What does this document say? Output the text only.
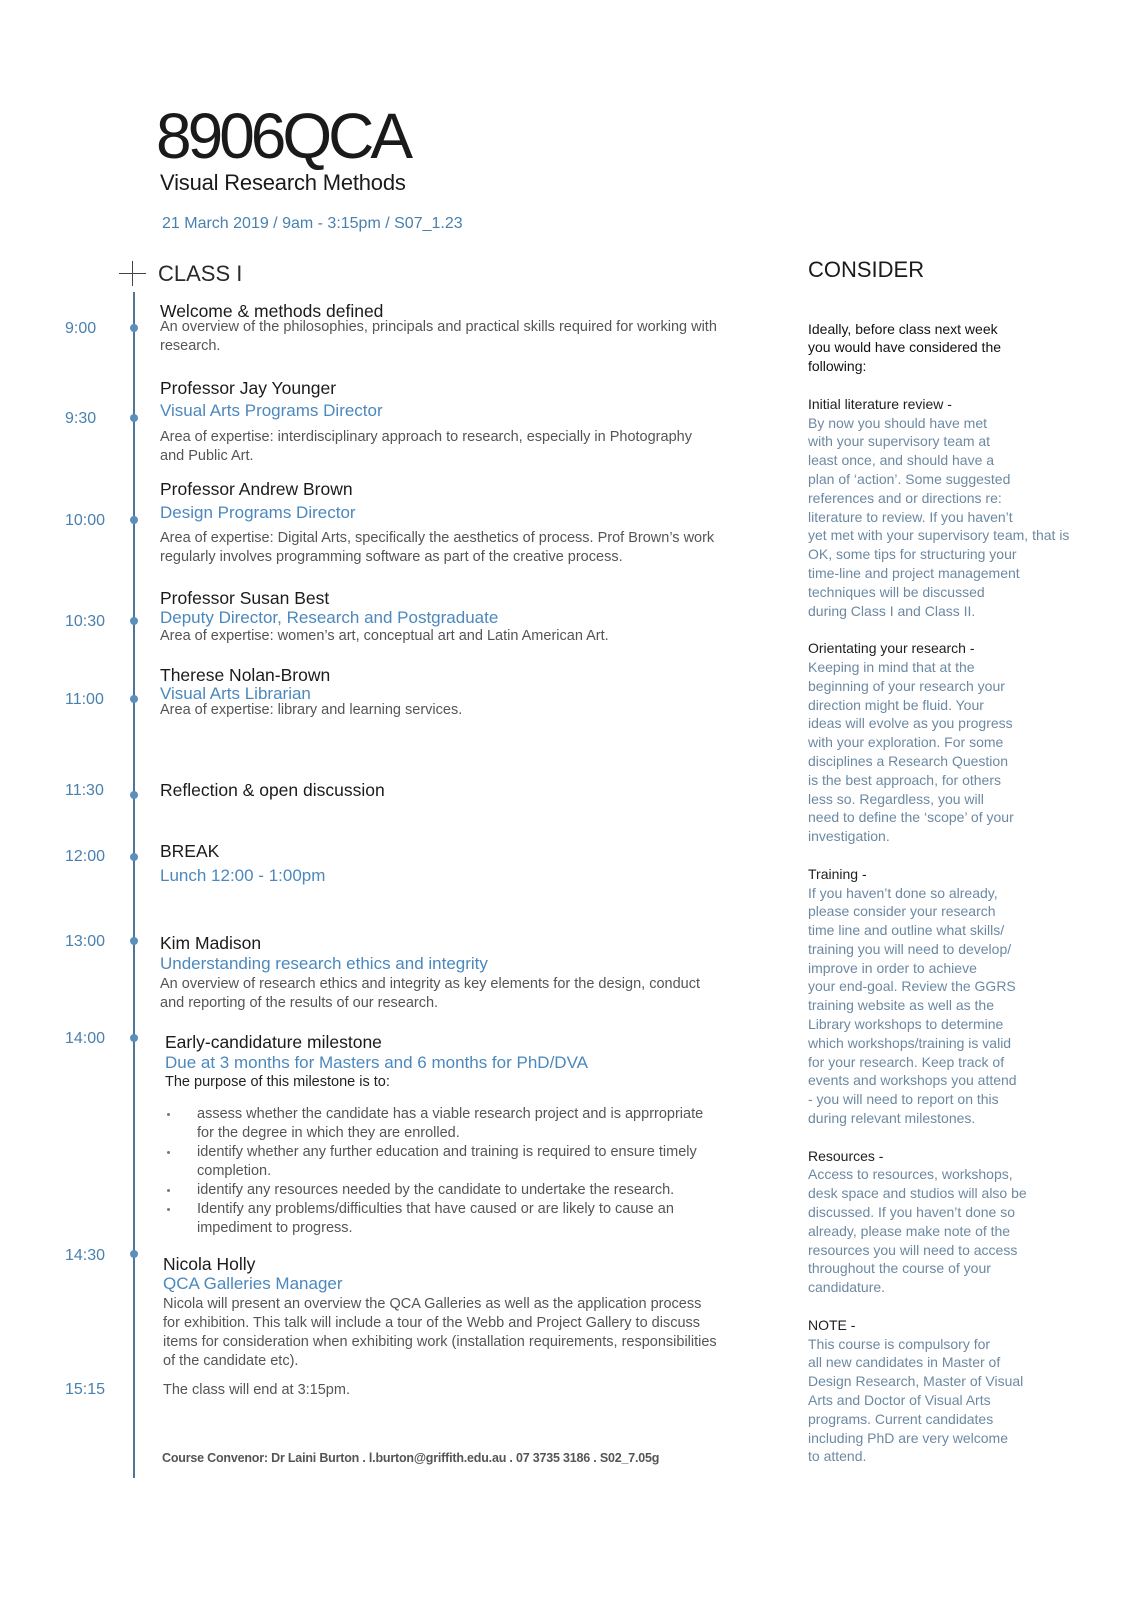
8906QCA
Visual Research Methods
21 March 2019 / 9am - 3:15pm / S07_1.23
CLASS I
9:00
9:30
10:00
10:30
11:00
11:30
12:00
13:00
14:00
14:30
15:15
Welcome & methods defined
An overview of the philosophies, principals and practical skills required for working with
research.
Professor Jay Younger
Visual Arts Programs Director
Area of expertise: interdisciplinary approach to research, especially in Photography
and Public Art.
Professor Andrew Brown
Design Programs Director
Area of expertise: Digital Arts, specifically the aesthetics of process. Prof Brown’s work
regularly involves programming software as part of the creative process.
Professor Susan Best
Deputy Director, Research and Postgraduate
Area of expertise: women’s art, conceptual art and Latin American Art.
Therese Nolan-Brown
Visual Arts Librarian
Area of expertise: library and learning services.
Reflection & open discussion
BREAK
Lunch 12:00 - 1:00pm
Kim Madison
Understanding research ethics and integrity
An overview of research ethics and integrity as key elements for the design, conduct
and reporting of the results of our research.
Early-candidature milestone
Due at 3 months for Masters and 6 months for PhD/DVA
The purpose of this milestone is to:
assess whether the candidate has a viable research project and is apprropriate
for the degree in which they are enrolled.
identify whether any further education and training is required to ensure timely
completion.
identify any resources needed by the candidate to undertake the research.
Identify any problems/difficulties that have caused or are likely to cause an
impediment to progress.
Nicola Holly
QCA Galleries Manager
Nicola will present an overview the QCA Galleries as well as the application process
for exhibition. This talk will include a tour of the Webb and Project Gallery to discuss
items for consideration when exhibiting work (installation requirements, responsibilities
of the candidate etc).
The class will end at 3:15pm.
Course Convenor: Dr Laini Burton . l.burton@griffith.edu.au . 07 3735 3186 . S02_7.05g
CONSIDER
Ideally, before class next week
you would have considered the
following:
Initial literature review -
By now you should have met
with your supervisory team at
least once, and should have a
plan of ‘action’. Some suggested
references and or directions re:
literature to review. If you haven’t
yet met with your supervisory team, that is
OK, some tips for structuring your
time-line and project management
techniques will be discussed
during Class I and Class II.
Orientating your research -
Keeping in mind that at the
beginning of your research your
direction might be fluid. Your
ideas will evolve as you progress
with your exploration. For some
disciplines a Research Question
is the best approach, for others
less so. Regardless, you will
need to define the ‘scope’ of your
investigation.
Training -
If you haven’t done so already,
please consider your research
time line and outline what skills/
training you will need to develop/
improve in order to achieve
your end-goal. Review the GGRS
training website as well as the
Library workshops to determine
which workshops/training is valid
for your research. Keep track of
events and workshops you attend
- you will need to report on this
during relevant milestones.
Resources -
Access to resources, workshops,
desk space and studios will also be
discussed. If you haven’t done so
already, please make note of the
resources you will need to access
throughout the course of your
candidature.
NOTE -
This course is compulsory for
all new candidates in Master of
Design Research, Master of Visual
Arts and Doctor of Visual Arts
programs. Current candidates
including PhD are very welcome
to attend.
